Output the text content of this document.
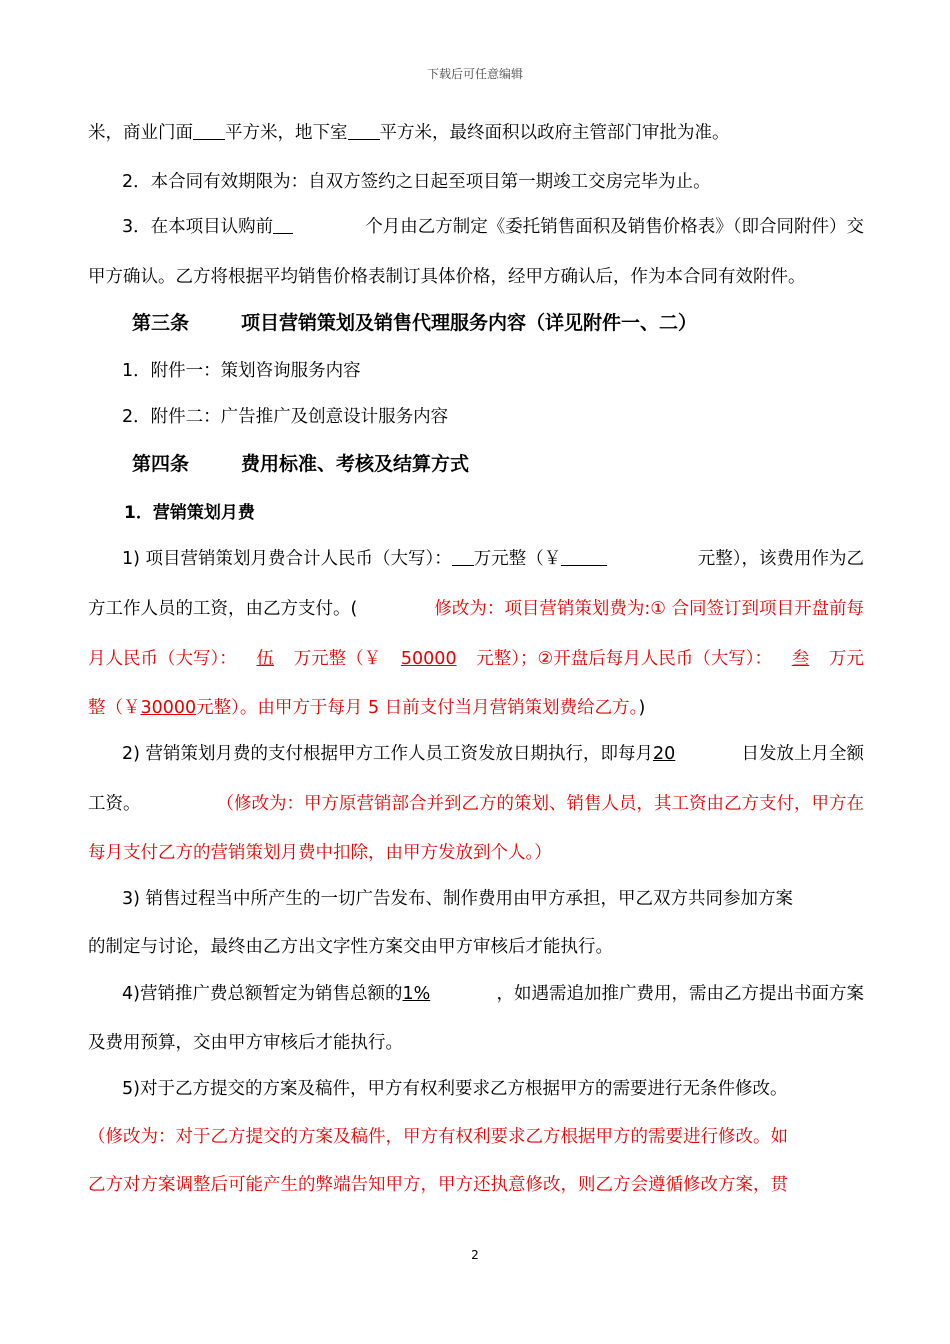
下载后可任意编辑
米，商业门面 平方米，地下室 平方米，最终面积以政府主管部门审批为准。
2．本合同有效期限为：自双方签约之日起至项目第一期竣工交房完毕为止。
3．在本项目认购前	个月由乙方制定《委托销售面积及销售价格表》（即合同附件）交
甲方确认。乙方将根据平均销售价格表制订具体价格，经甲方确认后，作为本合同有效附件。
第三条	项目营销策划及销售代理服务内容（详见附件一、二）
1．附件一：策划咨询服务内容
2．附件二：广告推广及创意设计服务内容
第四条	费用标准、考核及结算方式
1．营销策划月费
1) 项目营销策划月费合计人民币（大写）： 万元整（￥	元整），该费用作为乙
方工作人员的工资，由乙方支付。(	修改为：项目营销策划费为:① 合同签订到项目开盘前每
月人民币（大写）： 伍 万元整（￥ 50000 元整）；②开盘后每月人民币（大写）： 叁 万元
整（￥30000元整）。由甲方于每月 5 日前支付当月营销策划费给乙方。)
2) 营销策划月费的支付根据甲方工作人员工资发放日期执行，即每月20	日发放上月全额
工资。	（修改为：甲方原营销部合并到乙方的策划、销售人员，其工资由乙方支付，甲方在
每月支付乙方的营销策划月费中扣除，由甲方发放到个人。）
3) 销售过程当中所产生的一切广告发布、制作费用由甲方承担，甲乙双方共同参加方案
的制定与讨论，最终由乙方出文字性方案交由甲方审核后才能执行。
4)营销推广费总额暂定为销售总额的1%	，如遇需追加推广费用，需由乙方提出书面方案
及费用预算，交由甲方审核后才能执行。
5)对于乙方提交的方案及稿件，甲方有权利要求乙方根据甲方的需要进行无条件修改。
（修改为：对于乙方提交的方案及稿件，甲方有权利要求乙方根据甲方的需要进行修改。如
乙方对方案调整后可能产生的弊端告知甲方，甲方还执意修改，则乙方会遵循修改方案，贯
2
